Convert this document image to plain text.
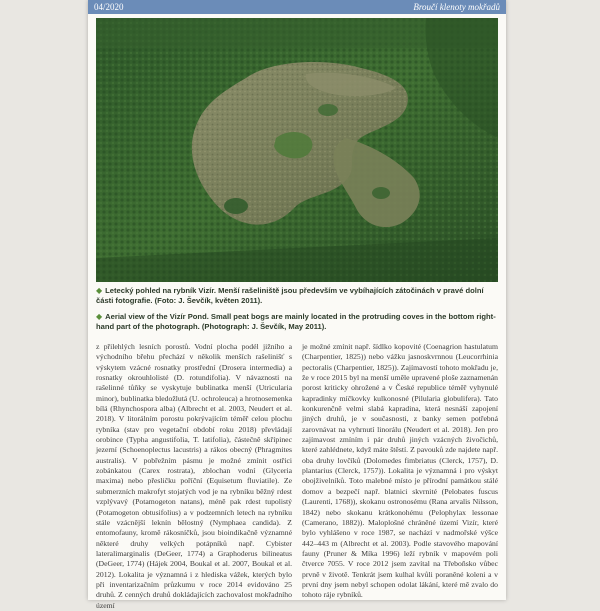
04/2020	Broučí klenoty mokřadů
◆ Letecký pohled na rybník Vizír. Menší rašeliniště jsou především ve vybíhajících zátočinách v pravé dolní části fotografie. (Foto: J. Ševčík, květen 2011).
◆ Aerial view of the Vizír Pond. Small peat bogs are mainly located in the protruding coves in the bottom right-hand part of the photograph. (Photograph: J. Ševčík, May 2011).

z přilehlých lesních porostů. Vodní plocha podél jižního a východního břehu přechází v několik menších rašelinišť s výskytem vzácné rosnatky prostřední (Drosera intermedia) a rosnatky okrouhlolisté (D. rotundifolia). V návaznosti na rašelinné tůňky se vyskytuje bublinatka menší (Utricularia minor), bublinatka bledožlutá (U. ochroleuca) a hrotnosemenka bílá (Rhynchospora alba) (Albrecht et al. 2003, Neudert et al. 2018). V litorálním porostu pokrývajícím téměř celou plochu rybníka (stav pro vegetační období roku 2018) převládají orobince (Typha angustifolia, T. latifolia), částečně skřípinec jezerní (Schoenoplectus lacustris) a rákos obecný (Phragmites australis). V pobřežním pásmu je možné zmínit ostřici zobánkatou (Carex rostrata), zblochan vodní (Glyceria maxima) nebo přesličku poříční (Equisetum fluviatile). Ze submerzních makrofyt stojatých vod je na rybníku běžný rdest vzplývavý (Potamogeton natans), méně pak rdest tupolistý (Potamogeton obtusifolius) a v podzemních letech na rybníku stále vzácnější leknín bělostný (Nymphaea candida). Z entomofauny, kromě rákosníčků, jsou bioindikačně významné některé druhy velkých potápníků např. Cybister lateralimarginalis (DeGeer, 1774) a Graphoderus bilineatus (DeGeer, 1774) (Hájek 2004, Boukal et al. 2007, Boukal et al. 2012). Lokalita je významná i z hlediska vážek, kterých bylo při inventarizačním průzkumu v roce 2014 evidováno 25 druhů. Z cenných druhů dokládajících zachovalost mokřadního území

je možné zmínit např. šídlko kopovité (Coenagrion hastulatum (Charpentier, 1825)) nebo vážku jasnoskvrnnou (Leucorrhinia pectoralis (Charpentier, 1825)). Zajímavostí tohoto mokřadu je, že v roce 2015 byl na menší uměle upravené ploše zaznamenán porost kriticky ohrožené a v České republice téměř vyhynulé kapradinky míčkovky kulkonosné (Pilularia globulifera). Tato konkurenčně velmi slabá kapradina, která nesnáší zapojení jiných druhů, je v současnosti, z banky semen potřebná zarovnávat na vyhrnutí linorálu (Neudert et al. 2018). Jen pro zajímavost zmíním i pár druhů jiných vzácných živočichů, které zahlédnete, když máte štěstí. Z pavouků zde najdete např. oba druhy lovčíků (Dolomedes fimbriatus (Clerck, 1757), D. plantarius (Clerck, 1757)). Lokalita je významná i pro výskyt obojživelníků. Toto malebné místo je přírodní památkou stálé domov a bezpečí např. blatnici skvrnité (Pelobates fuscus (Laurenti, 1768)), skokanu ostronosému (Rana arvalis Nilsson, 1842) nebo skokanu krátkonohému (Pelophylax lessonae (Camerano, 1882)). Maloplošné chráněné území Vizír, které bylo vyhlášeno v roce 1987, se nachází v nadmořské výšce 442–443 m (Albrecht et al. 2003). Podle stavového mapování fauny (Pruner & Míka 1996) leží rybník v mapovém poli čtverce 7055. V roce 2012 jsem zavítal na Třeboňsko vůbec prvně v životě. Tenkrát jsem kulhal kvůli poraněné koleni a v první dny jsem nebyl schopen odolat lákání, které mě zvalo do tohoto ráje rybníků.
